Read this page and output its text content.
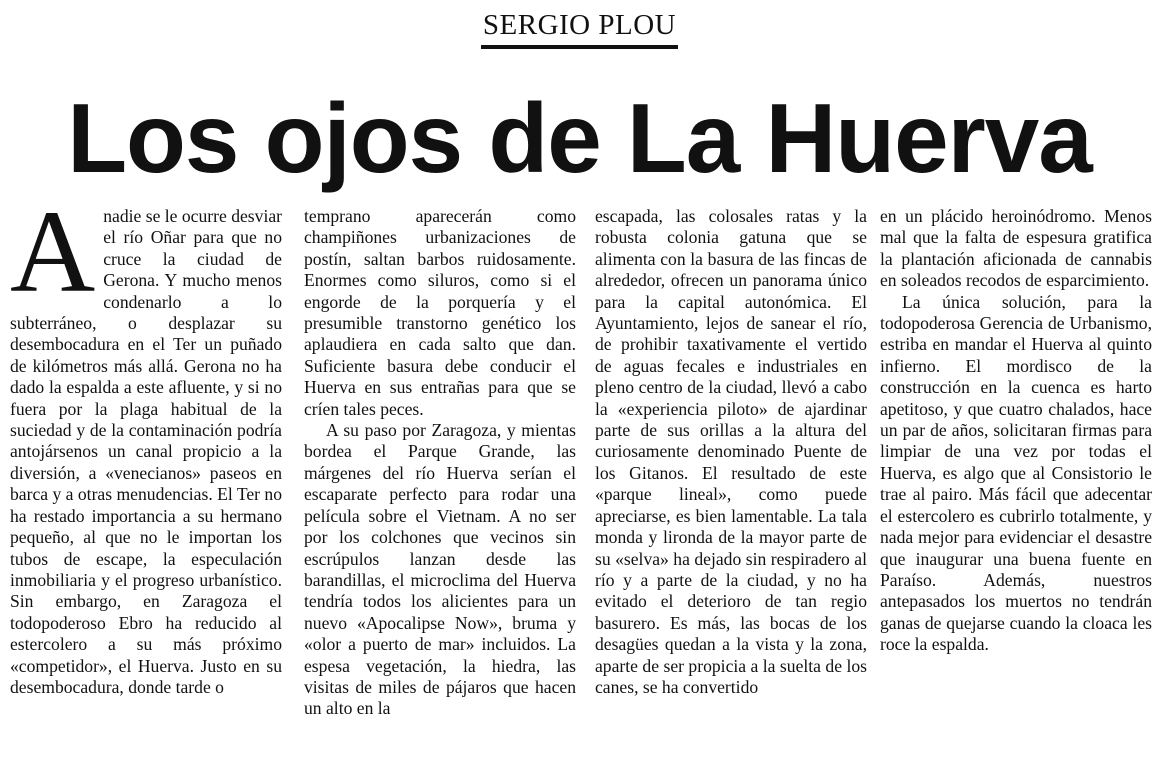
SERGIO PLOU
Los ojos de La Huerva

Anadie se le ocurre desviar el río Oñar para que no cruce la ciudad de Gerona. Y mucho menos condenarlo a lo subterráneo, o desplazar su desembocadura en el Ter un puñado de kilómetros más allá. Gerona no ha dado la espalda a este afluente, y si no fuera por la plaga habitual de la suciedad y de la contaminación podría antojársenos un canal propicio a la diversión, a «venecianos» paseos en barca y a otras menudencias. El Ter no ha restado importancia a su hermano pequeño, al que no le importan los tubos de escape, la especulación inmobiliaria y el progreso urbanístico. Sin embargo, en Zaragoza el todopoderoso Ebro ha reducido al estercolero a su más próximo «competidor», el Huerva. Justo en su desembocadura, donde tarde o

temprano aparecerán como champiñones urbanizaciones de postín, saltan barbos ruidosamente. Enormes como siluros, como si el engorde de la porquería y el presumible transtorno genético los aplaudiera en cada salto que dan. Suficiente basura debe conducir el Huerva en sus entrañas para que se críen tales peces.

A su paso por Zaragoza, y mientas bordea el Parque Grande, las márgenes del río Huerva serían el escaparate perfecto para rodar una película sobre el Vietnam. A no ser por los colchones que vecinos sin escrúpulos lanzan desde las barandillas, el microclima del Huerva tendría todos los alicientes para un nuevo «Apocalipse Now», bruma y «olor a puerto de mar» incluidos. La espesa vegetación, la hiedra, las visitas de miles de pájaros que hacen un alto en la

escapada, las colosales ratas y la robusta colonia gatuna que se alimenta con la basura de las fincas de alrededor, ofrecen un panorama único para la capital autonómica. El Ayuntamiento, lejos de sanear el río, de prohibir taxativamente el vertido de aguas fecales e industriales en pleno centro de la ciudad, llevó a cabo la «experiencia piloto» de ajardinar parte de sus orillas a la altura del curiosamente denominado Puente de los Gitanos. El resultado de este «parque lineal», como puede apreciarse, es bien lamentable. La tala monda y lironda de la mayor parte de su «selva» ha dejado sin respiradero al río y a parte de la ciudad, y no ha evitado el deterioro de tan regio basurero. Es más, las bocas de los desagües quedan a la vista y la zona, aparte de ser propicia a la suelta de los canes, se ha convertido

en un plácido heroinódromo. Menos mal que la falta de espesura gratifica la plantación aficionada de cannabis en soleados recodos de esparcimiento.

La única solución, para la todopoderosa Gerencia de Urbanismo, estriba en mandar el Huerva al quinto infierno. El mordisco de la construcción en la cuenca es harto apetitoso, y que cuatro chalados, hace un par de años, solicitaran firmas para limpiar de una vez por todas el Huerva, es algo que al Consistorio le trae al pairo. Más fácil que adecentar el estercolero es cubrirlo totalmente, y nada mejor para evidenciar el desastre que inaugurar una buena fuente en Paraíso. Además, nuestros antepasados los muertos no tendrán ganas de quejarse cuando la cloaca les roce la espalda.
